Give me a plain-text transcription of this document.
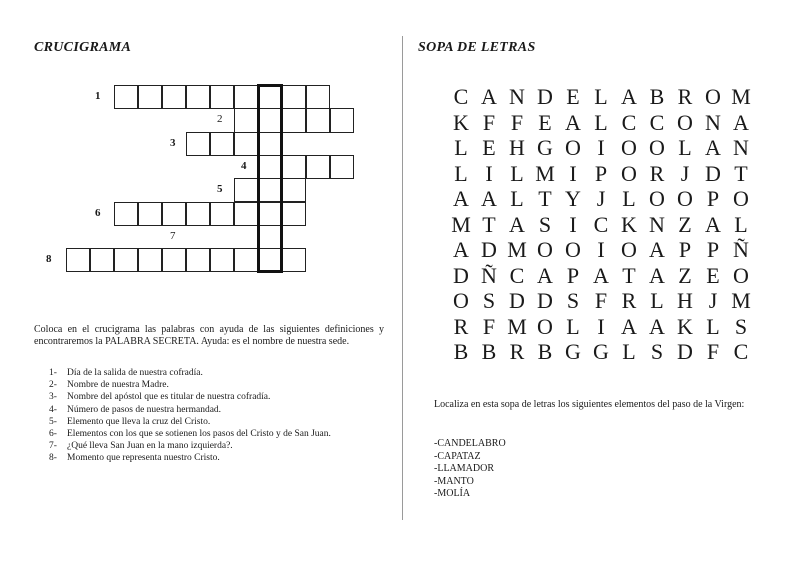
CRUCIGRAMA	SOPA DE LETRAS
1
2
3
4
5
6
7
8
Coloca en el crucigrama las palabras con ayuda de las siguientes definiciones y encontraremos la PALABRA SECRETA. Ayuda: es el nombre de nuestra sede.
1- Día de la salida de nuestra cofradía.
2- Nombre de nuestra Madre.
3- Nombre del apóstol que es titular de nuestra cofradía.
4- Número de pasos de nuestra hermandad.
5- Elemento que lleva la cruz del Cristo.
6- Elementos con los que se sotienen los pasos del Cristo y de San Juan.
7- ¿Qué lleva San Juan en la mano izquierda?.
8- Momento que representa nuestro Cristo.
C A N D E L A B R O M
K F F E A L C C O N A
L E H G O I O O L A N
L I L M I P O R J D T
A A L T Y J L O O P O
M T A S I C K N Z A L
A D M O O I O A P P Ñ
D Ñ C A P A T A Z E O
O S D D S F R L H J M
R F M O L I A A K L S
B B R B G G L S D F C
Localiza en esta sopa de letras los siguientes elementos del paso de la Virgen:
-CANDELABRO
-CAPATAZ
-LLAMADOR
-MANTO
-MOLÍA
